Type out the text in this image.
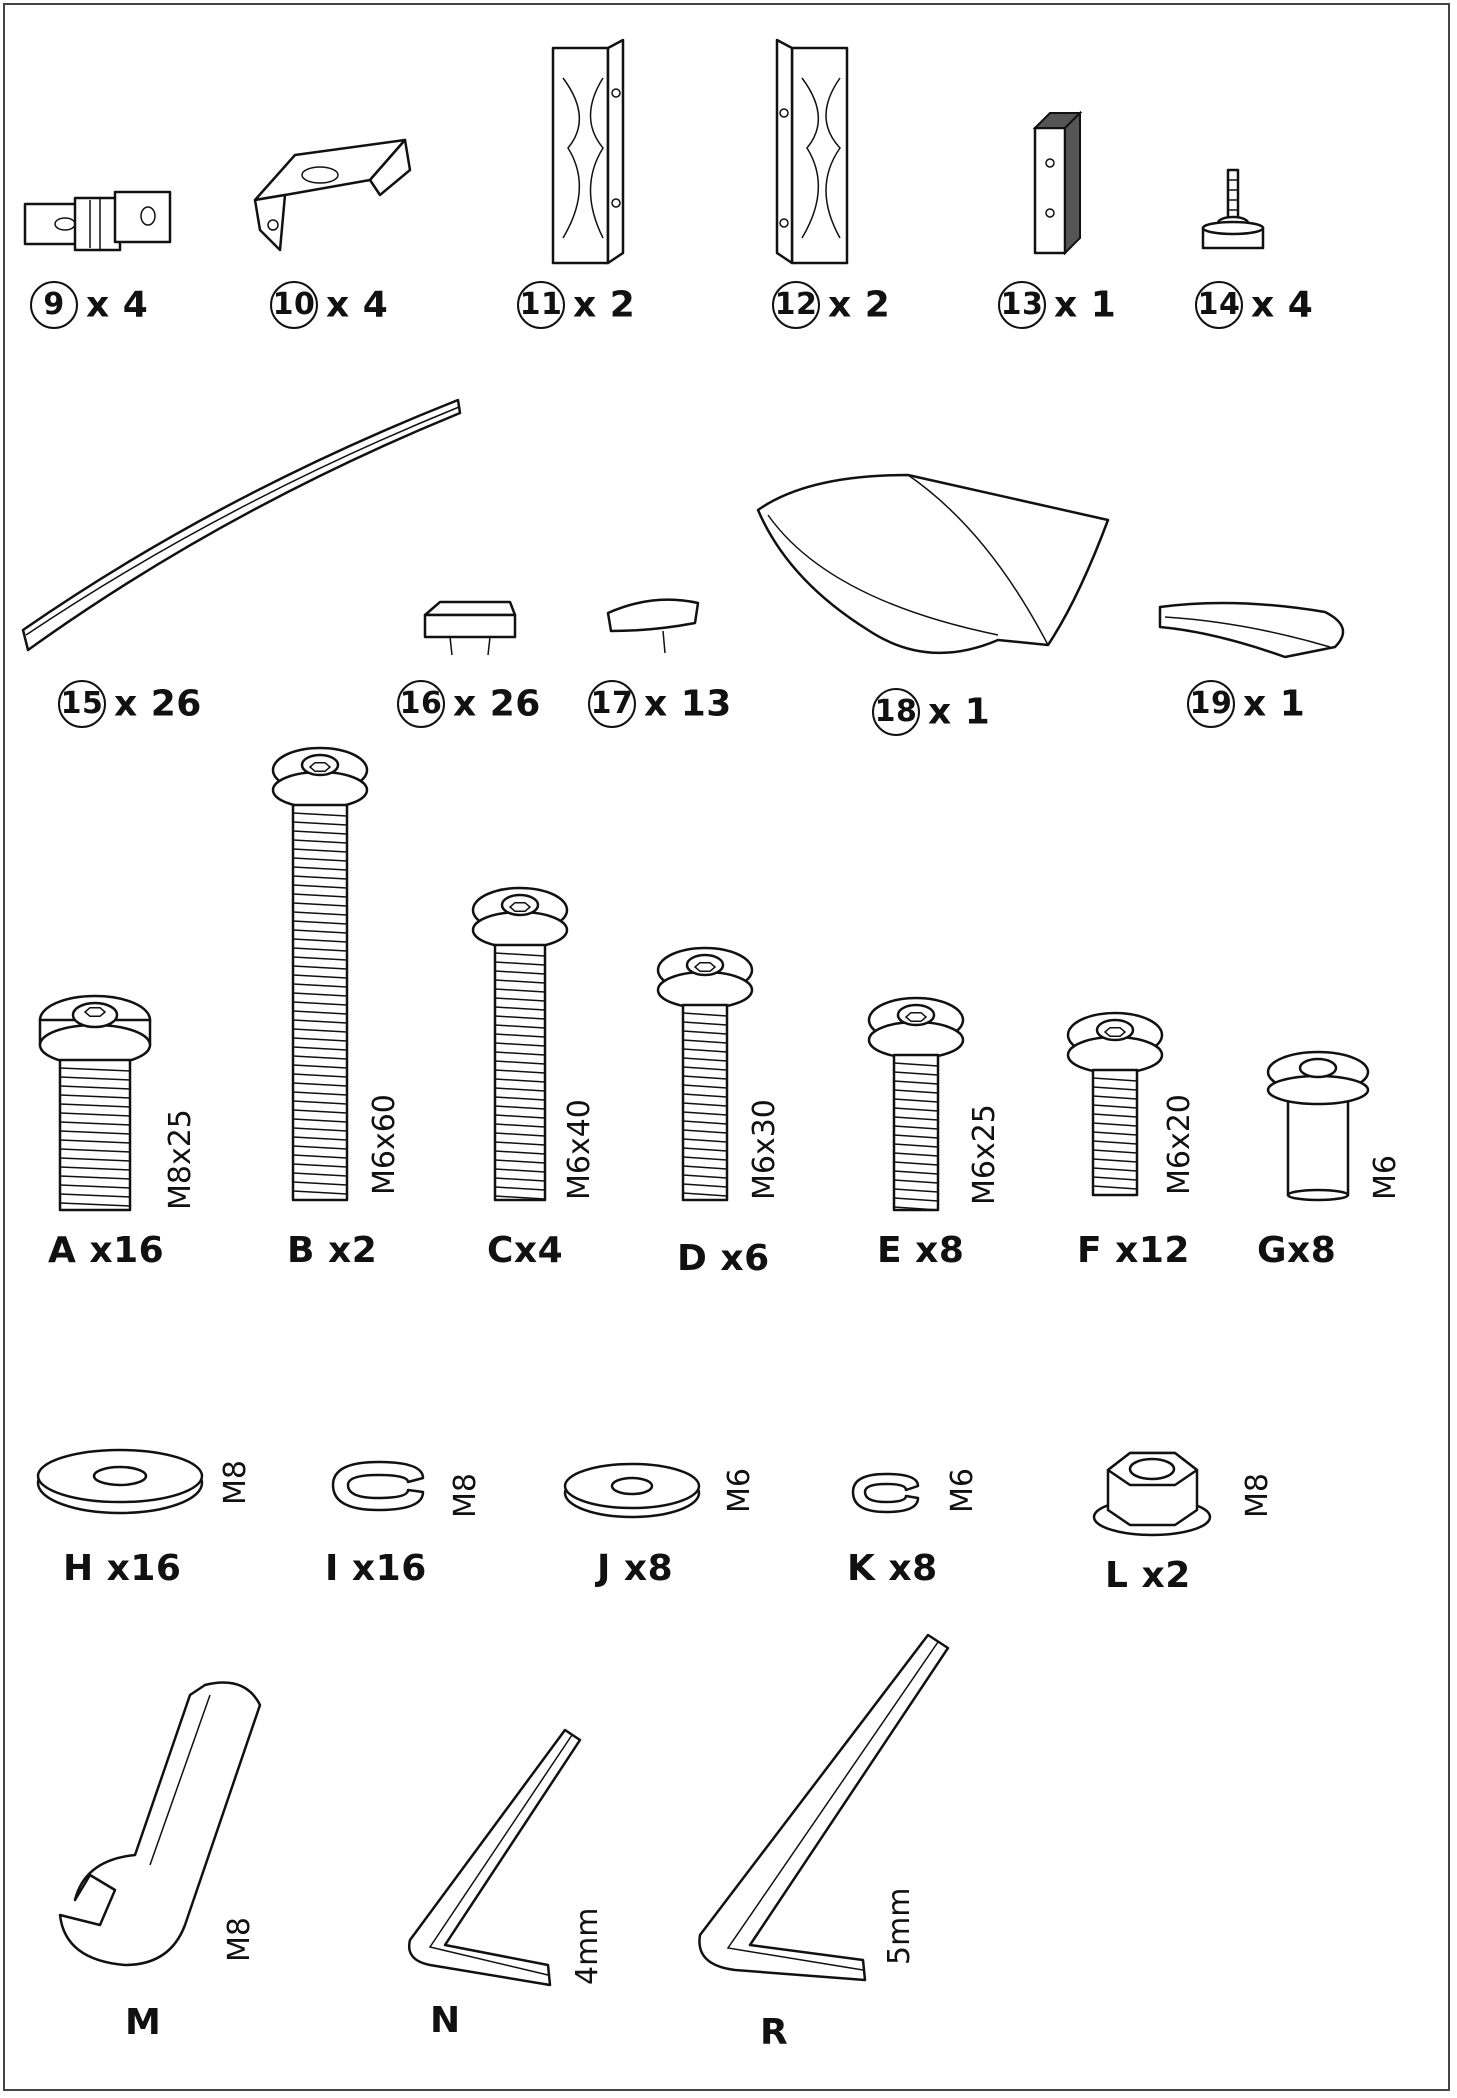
9 x 4	10 x 4	11 x 2	12 x 2	13 x 1	14 x 4
15 x 26	16 x 26 17 x 13	18 x 1	19 x 1
A x16	B x2	Cx4	D x6	E x8	F x12 Gx8
M8x25	M6x60	M6x40	M6x30	M6x25	M6x20	M6
H x16	I x16	J x8	K x8	L x2
M8	M8	M6	M6	M8
M	N	R
M8	4mm	5mm
